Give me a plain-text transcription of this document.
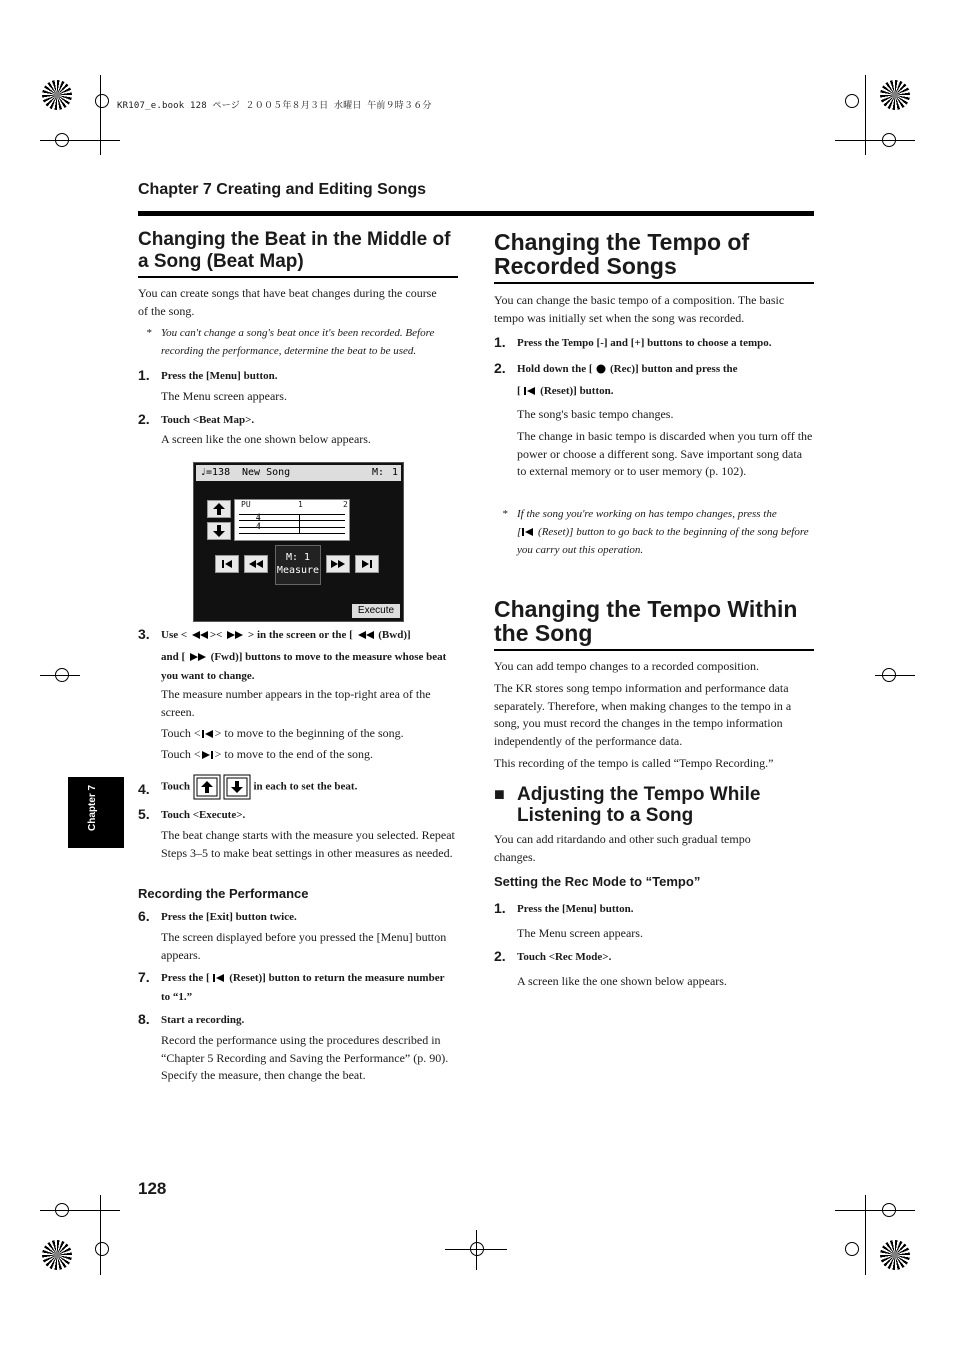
KR107_e.book 128 ページ ２００５年８月３日 水曜日 午前９時３６分
Chapter 7 Creating and Editing Songs
Chapter 7
Changing the Beat in the Middle of a Song (Beat Map)
You can create songs that have beat changes during the course of the song.
* You can't change a song's beat once it's been recorded. Before recording the performance, determine the beat to be used.
1. Press the [Menu] button.
The Menu screen appears.
2. Touch <Beat Map>.
A screen like the one shown below appears.
♩=138 New Song	M: 1
PU	1	2
4
4
M: 1
Measure
Execute
3. Use < >< > in the screen or the [ (Bwd)]
and [ (Fwd)] buttons to move to the measure whose beat you want to change.
The measure number appears in the top-right area of the screen.
Touch < > to move to the beginning of the song.
Touch < > to move to the end of the song.
4. Touch	in each to set the beat.
5. Touch <Execute>.
The beat change starts with the measure you selected. Repeat Steps 3–5 to make beat settings in other measures as needed.
Recording the Performance
6. Press the [Exit] button twice.
The screen displayed before you pressed the [Menu] button appears.
7. Press the [ (Reset)] button to return the measure number to “1.”
8. Start a recording.
Record the performance using the procedures described in “Chapter 5 Recording and Saving the Performance” (p. 90). Specify the measure, then change the beat.
128
Changing the Tempo of Recorded Songs
You can change the basic tempo of a composition. The basic tempo was initially set when the song was recorded.
1. Press the Tempo [-] and [+] buttons to choose a tempo.
2. Hold down the [ (Rec)] button and press the
[ (Reset)] button.
The song's basic tempo changes.
The change in basic tempo is discarded when you turn off the power or choose a different song. Save important song data to external memory or to user memory (p. 102).
* If the song you're working on has tempo changes, press the
[ (Reset)] button to go back to the beginning of the song before you carry out this operation.
Changing the Tempo Within the Song
You can add tempo changes to a recorded composition.
The KR stores song tempo information and performance data separately. Therefore, when making changes to the tempo in a song, you must record the changes in the tempo information independently of the performance data.
This recording of the tempo is called “Tempo Recording.”
■ Adjusting the Tempo While Listening to a Song
You can add ritardando and other such gradual tempo changes.
Setting the Rec Mode to “Tempo”
1. Press the [Menu] button.
The Menu screen appears.
2. Touch <Rec Mode>.
A screen like the one shown below appears.
